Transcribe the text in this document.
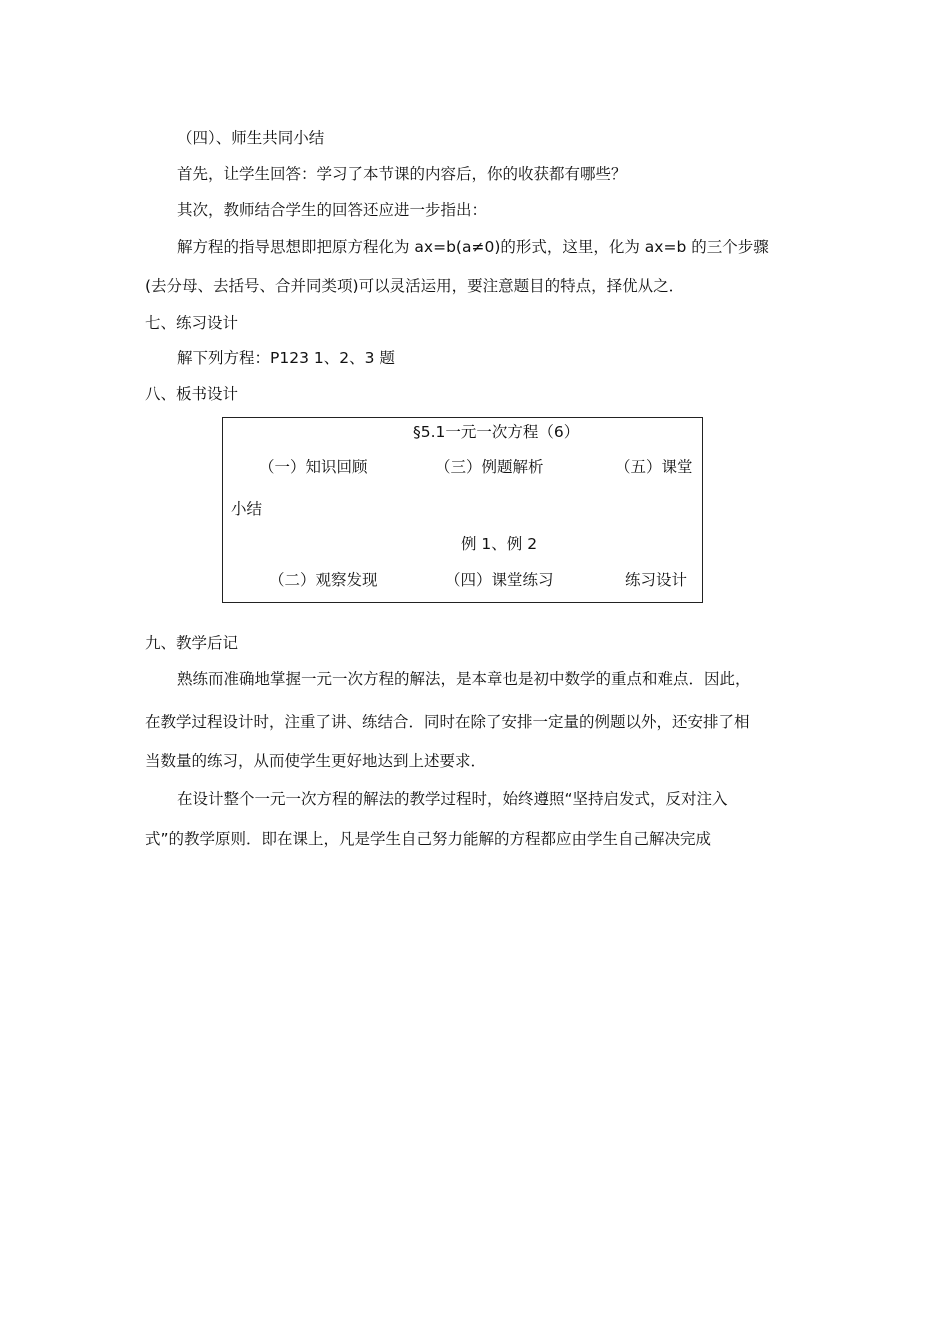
（四）、师生共同小结
首先，让学生回答：学习了本节课的内容后，你的收获都有哪些？
其次，教师结合学生的回答还应进一步指出：
解方程的指导思想即把原方程化为 ax=b(a≠0)的形式，这里，化为 ax=b 的三个步骤
(去分母、去括号、合并同类项)可以灵活运用，要注意题目的特点，择优从之．
七、练习设计
解下列方程：P123 1、2、3 题
八、板书设计
§5.1一元一次方程（6）
（一）知识回顾	（三）例题解析	（五）课堂
小结
例 1、例 2
（二）观察发现	（四）课堂练习	练习设计
九、教学后记
熟练而准确地掌握一元一次方程的解法，是本章也是初中数学的重点和难点．因此，
在教学过程设计时，注重了讲、练结合．同时在除了安排一定量的例题以外，还安排了相
当数量的练习，从而使学生更好地达到上述要求．
在设计整个一元一次方程的解法的教学过程时，始终遵照“坚持启发式，反对注入
式”的教学原则．即在课上，凡是学生自己努力能解的方程都应由学生自己解决完成
